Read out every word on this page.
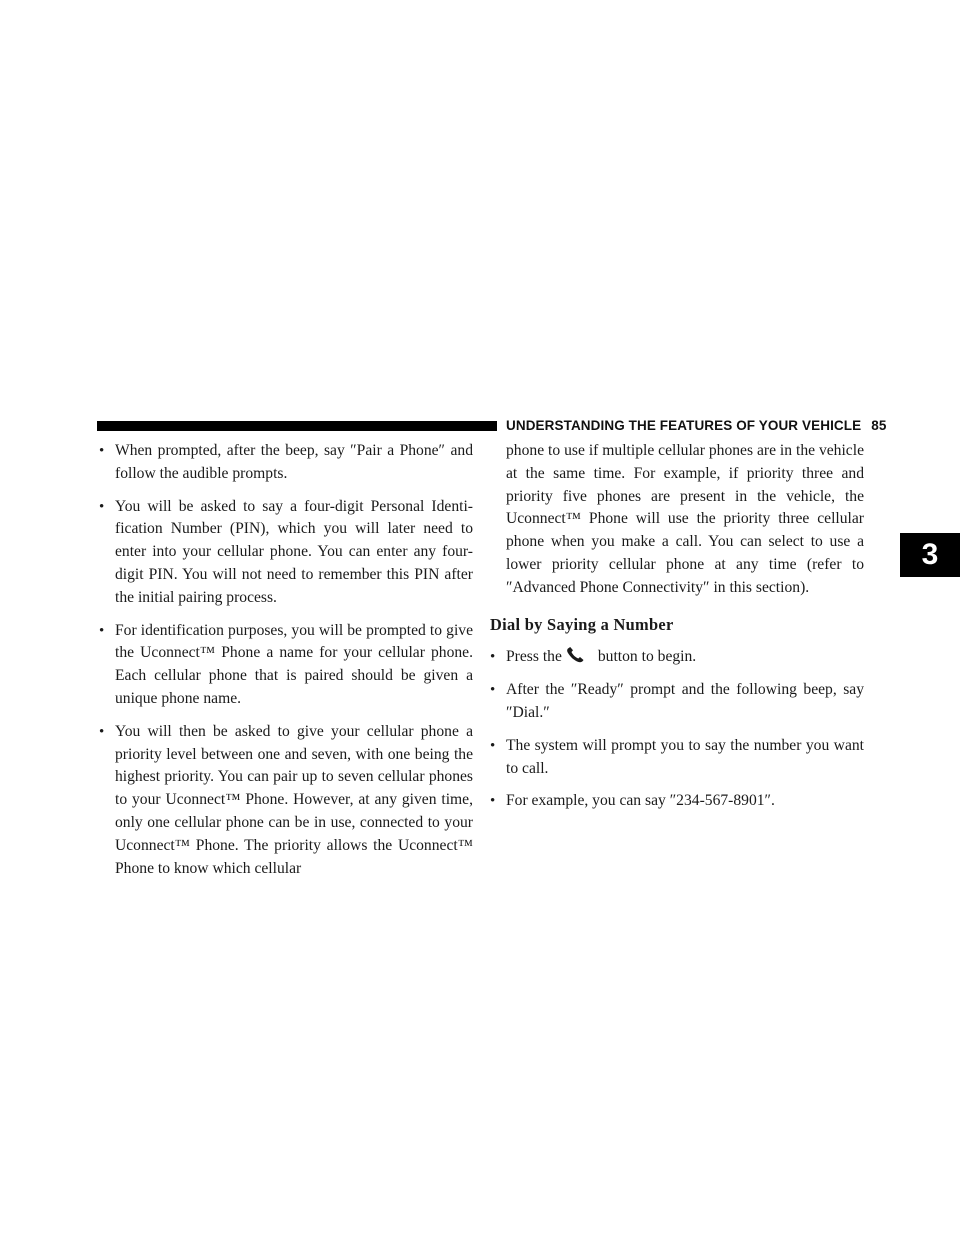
UNDERSTANDING THE FEATURES OF YOUR VEHICLE 85
3
• When prompted, after the beep, say ″Pair a Phone″ and follow the audible prompts.
• You will be asked to say a four-digit Personal Identification Number (PIN), which you will later need to enter into your cellular phone. You can enter any four-digit PIN. You will not need to remember this PIN after the initial pairing process.
• For identification purposes, you will be prompted to give the Uconnect™ Phone a name for your cellular phone. Each cellular phone that is paired should be given a unique phone name.
• You will then be asked to give your cellular phone a priority level between one and seven, with one being the highest priority. You can pair up to seven cellular phones to your Uconnect™ Phone. However, at any given time, only one cellular phone can be in use, connected to your Uconnect™ Phone. The priority allows the Uconnect™ Phone to know which cellular

phone to use if multiple cellular phones are in the vehicle at the same time. For example, if priority three and priority five phones are present in the vehicle, the Uconnect™ Phone will use the priority three cellular phone when you make a call. You can select to use a lower priority cellular phone at any time (refer to ″Advanced Phone Connectivity″ in this section).

Dial by Saying a Number
• Press the button to begin.
• After the ″Ready″ prompt and the following beep, say ″Dial.″
• The system will prompt you to say the number you want to call.
• For example, you can say ″234-567-8901″.
